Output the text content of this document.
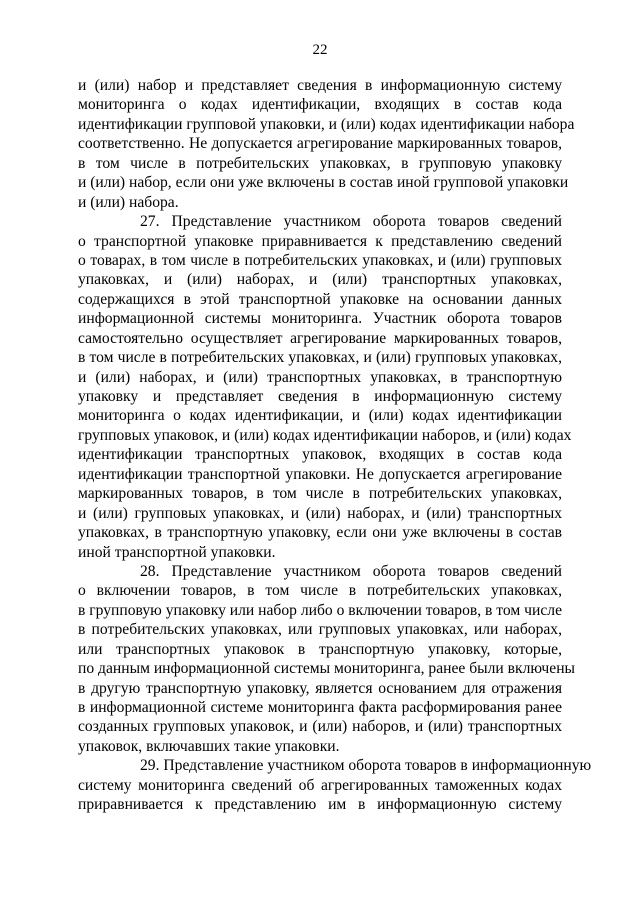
22
и (или) набор и представляет сведения в информационную систему
мониторинга о кодах идентификации, входящих в состав кода
идентификации групповой упаковки, и (или) кодах идентификации набора
соответственно. Не допускается агрегирование маркированных товаров,
в том числе в потребительских упаковках, в групповую упаковку
и (или) набор, если они уже включены в состав иной групповой упаковки
и (или) набора.
27. Представление участником оборота товаров сведений
о транспортной упаковке приравнивается к представлению сведений
о товарах, в том числе в потребительских упаковках, и (или) групповых
упаковках, и (или) наборах, и (или) транспортных упаковках,
содержащихся в этой транспортной упаковке на основании данных
информационной системы мониторинга. Участник оборота товаров
самостоятельно осуществляет агрегирование маркированных товаров,
в том числе в потребительских упаковках, и (или) групповых упаковках,
и (или) наборах, и (или) транспортных упаковках, в транспортную
упаковку и представляет сведения в информационную систему
мониторинга о кодах идентификации, и (или) кодах идентификации
групповых упаковок, и (или) кодах идентификации наборов, и (или) кодах
идентификации транспортных упаковок, входящих в состав кода
идентификации транспортной упаковки. Не допускается агрегирование
маркированных товаров, в том числе в потребительских упаковках,
и (или) групповых упаковках, и (или) наборах, и (или) транспортных
упаковках, в транспортную упаковку, если они уже включены в состав
иной транспортной упаковки.
28. Представление участником оборота товаров сведений
о включении товаров, в том числе в потребительских упаковках,
в групповую упаковку или набор либо о включении товаров, в том числе
в потребительских упаковках, или групповых упаковках, или наборах,
или транспортных упаковок в транспортную упаковку, которые,
по данным информационной системы мониторинга, ранее были включены
в другую транспортную упаковку, является основанием для отражения
в информационной системе мониторинга факта расформирования ранее
созданных групповых упаковок, и (или) наборов, и (или) транспортных
упаковок, включавших такие упаковки.
29. Представление участником оборота товаров в информационную
систему мониторинга сведений об агрегированных таможенных кодах
приравнивается к представлению им в информационную систему
